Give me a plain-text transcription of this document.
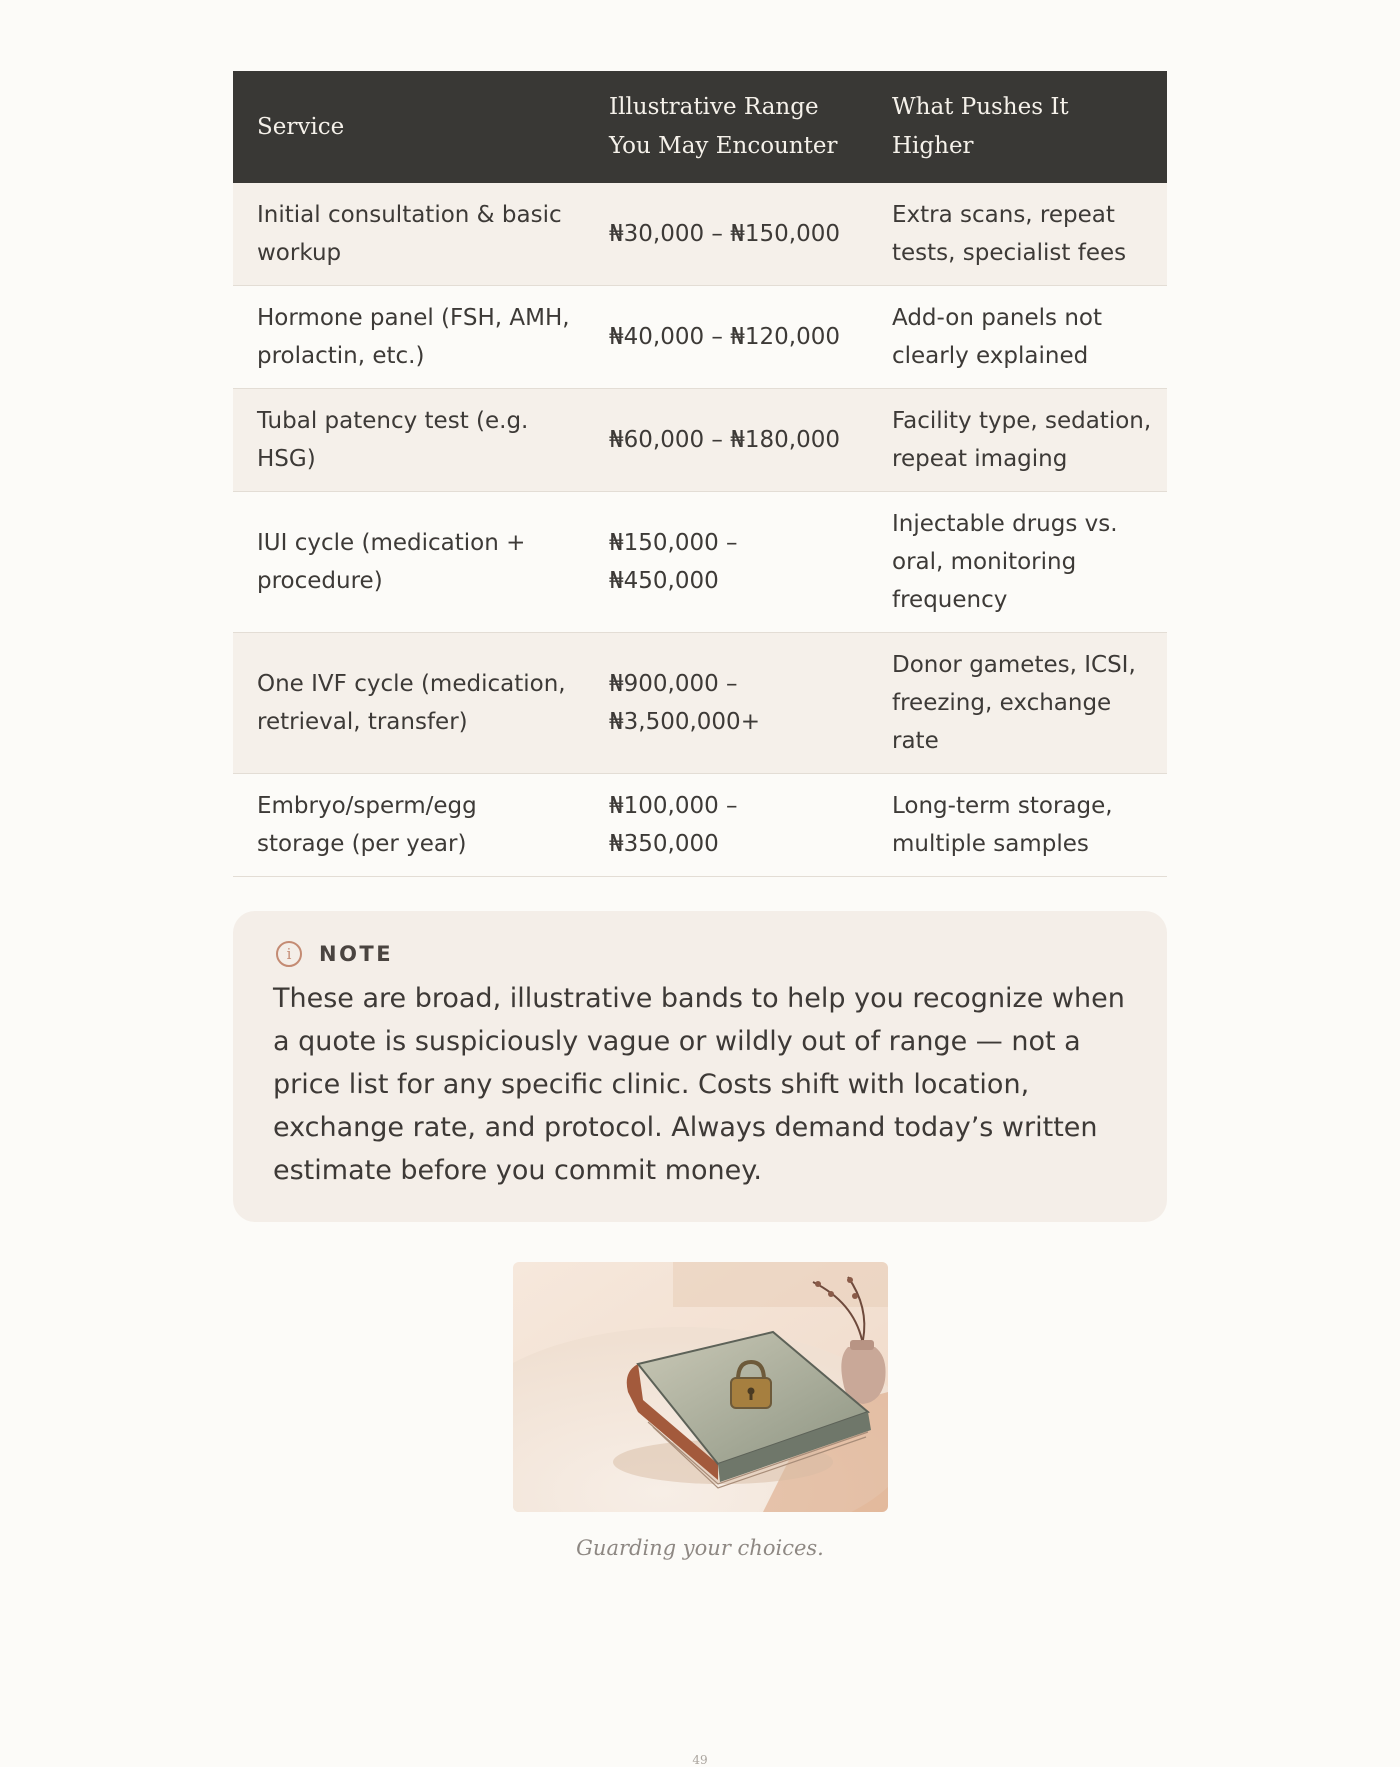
Service	Illustrative Range You May Encounter	What Pushes It Higher
Initial consultation & basic workup	₦30,000 – ₦150,000	Extra scans, repeat tests, specialist fees
Hormone panel (FSH, AMH, prolactin, etc.)	₦40,000 – ₦120,000	Add-on panels not clearly explained
Tubal patency test (e.g. HSG)	₦60,000 – ₦180,000	Facility type, sedation, repeat imaging
IUI cycle (medication + procedure)	₦150,000 – ₦450,000	Injectable drugs vs. oral, monitoring frequency
One IVF cycle (medication, retrieval, transfer)	₦900,000 – ₦3,500,000+	Donor gametes, ICSI, freezing, exchange rate
Embryo/sperm/egg storage (per year)	₦100,000 – ₦350,000	Long-term storage, multiple samples
i	NOTE
These are broad, illustrative bands to help you recognize when a quote is suspiciously vague or wildly out of range — not a price list for any specific clinic. Costs shift with location, exchange rate, and protocol. Always demand today’s written estimate before you commit money.
Guarding your choices.
49
